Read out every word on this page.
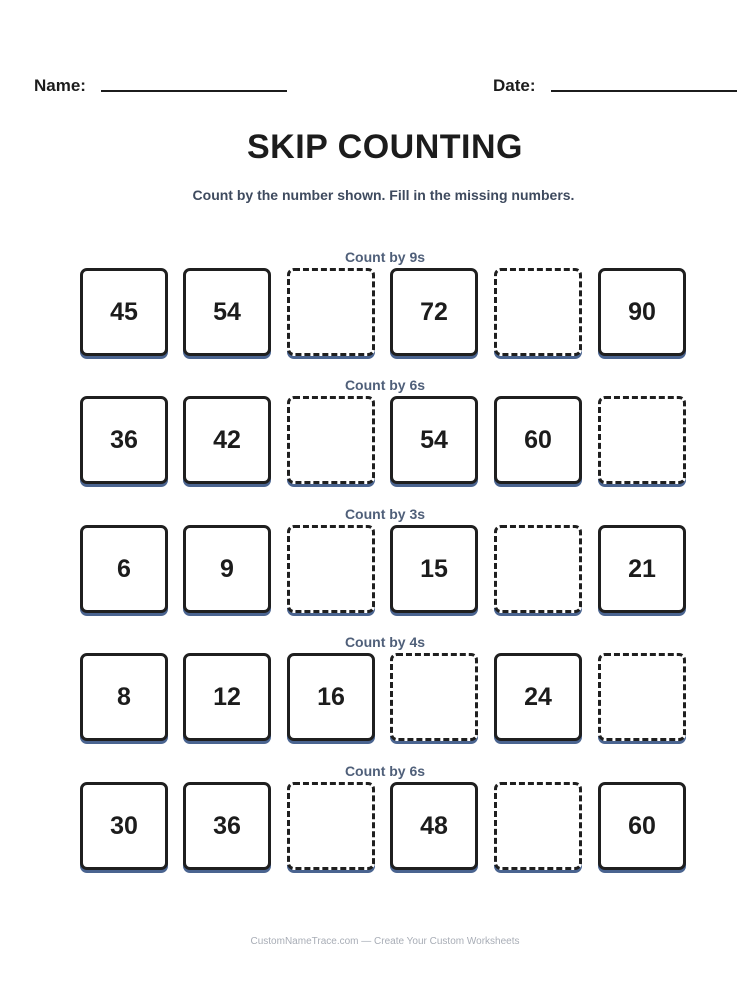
Name:	Date:
SKIP COUNTING
Count by the number shown. Fill in the missing numbers.
Count by 9s
45	54	72	90
Count by 6s
36	42	54	60
Count by 3s
6	9	15	21
Count by 4s
8	12	16	24
Count by 6s
30	36	48	60
CustomNameTrace.com — Create Your Custom Worksheets
